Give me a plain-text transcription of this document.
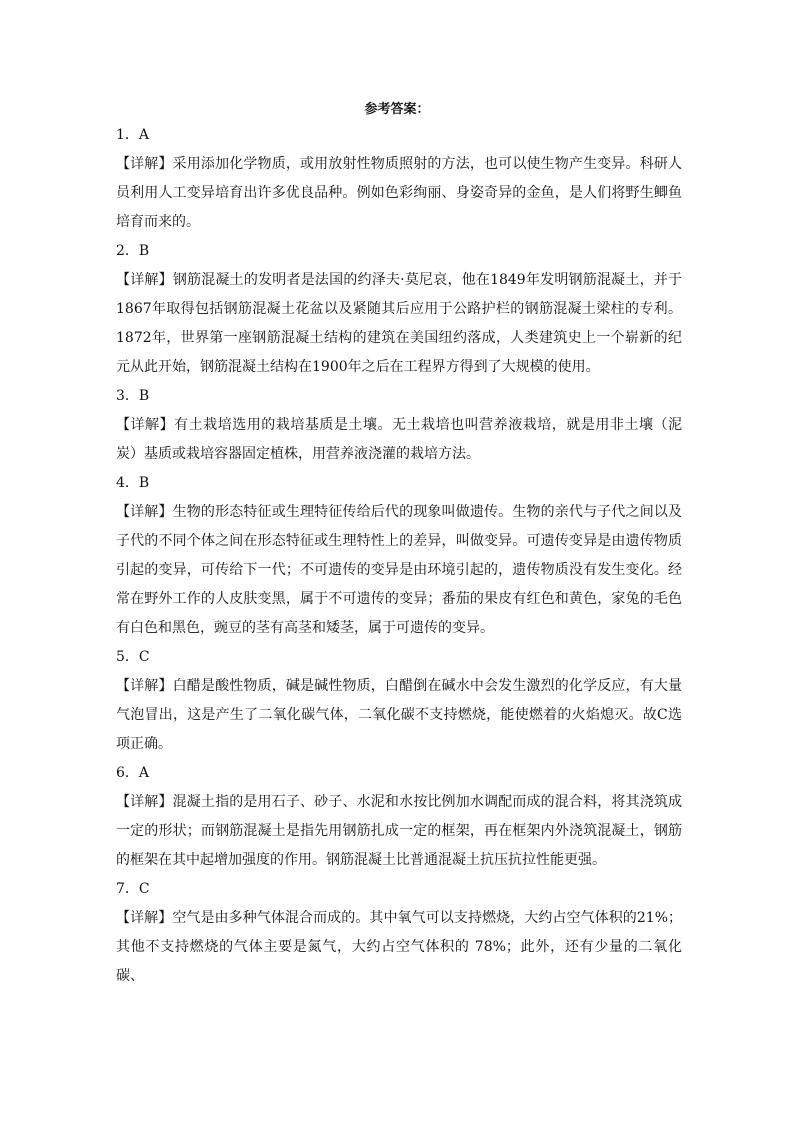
参考答案：
1．A
【详解】采用添加化学物质，或用放射性物质照射的方法，也可以使生物产生变异。科研人员利用人工变异培育出许多优良品种。例如色彩绚丽、身姿奇异的金鱼，是人们将野生鲫鱼培育而来的。
2．B
【详解】钢筋混凝土的发明者是法国的约泽夫·莫尼哀，他在1849年发明钢筋混凝土，并于1867年取得包括钢筋混凝土花盆以及紧随其后应用于公路护栏的钢筋混凝土梁柱的专利。1872年，世界第一座钢筋混凝土结构的建筑在美国纽约落成，人类建筑史上一个崭新的纪元从此开始，钢筋混凝土结构在1900年之后在工程界方得到了大规模的使用。
3．B
【详解】有土栽培选用的栽培基质是土壤。无土栽培也叫营养液栽培，就是用非土壤（泥炭）基质或栽培容器固定植株，用营养液浇灌的栽培方法。
4．B
【详解】生物的形态特征或生理特征传给后代的现象叫做遗传。生物的亲代与子代之间以及子代的不同个体之间在形态特征或生理特性上的差异，叫做变异。可遗传变异是由遗传物质引起的变异，可传给下一代；不可遗传的变异是由环境引起的，遗传物质没有发生变化。经常在野外工作的人皮肤变黑，属于不可遗传的变异；番茄的果皮有红色和黄色，家兔的毛色有白色和黑色，豌豆的茎有高茎和矮茎，属于可遗传的变异。
5．C
【详解】白醋是酸性物质，碱是碱性物质，白醋倒在碱水中会发生激烈的化学反应，有大量气泡冒出，这是产生了二氧化碳气体，二氧化碳不支持燃烧，能使燃着的火焰熄灭。故C选项正确。
6．A
【详解】混凝土指的是用石子、砂子、水泥和水按比例加水调配而成的混合料，将其浇筑成一定的形状；而钢筋混凝土是指先用钢筋扎成一定的框架，再在框架内外浇筑混凝土，钢筋的框架在其中起增加强度的作用。钢筋混凝土比普通混凝土抗压抗拉性能更强。
7．C
【详解】空气是由多种气体混合而成的。其中氧气可以支持燃烧，大约占空气体积的21%；其他不支持燃烧的气体主要是氮气，大约占空气体积的 78%；此外，还有少量的二氧化碳、
